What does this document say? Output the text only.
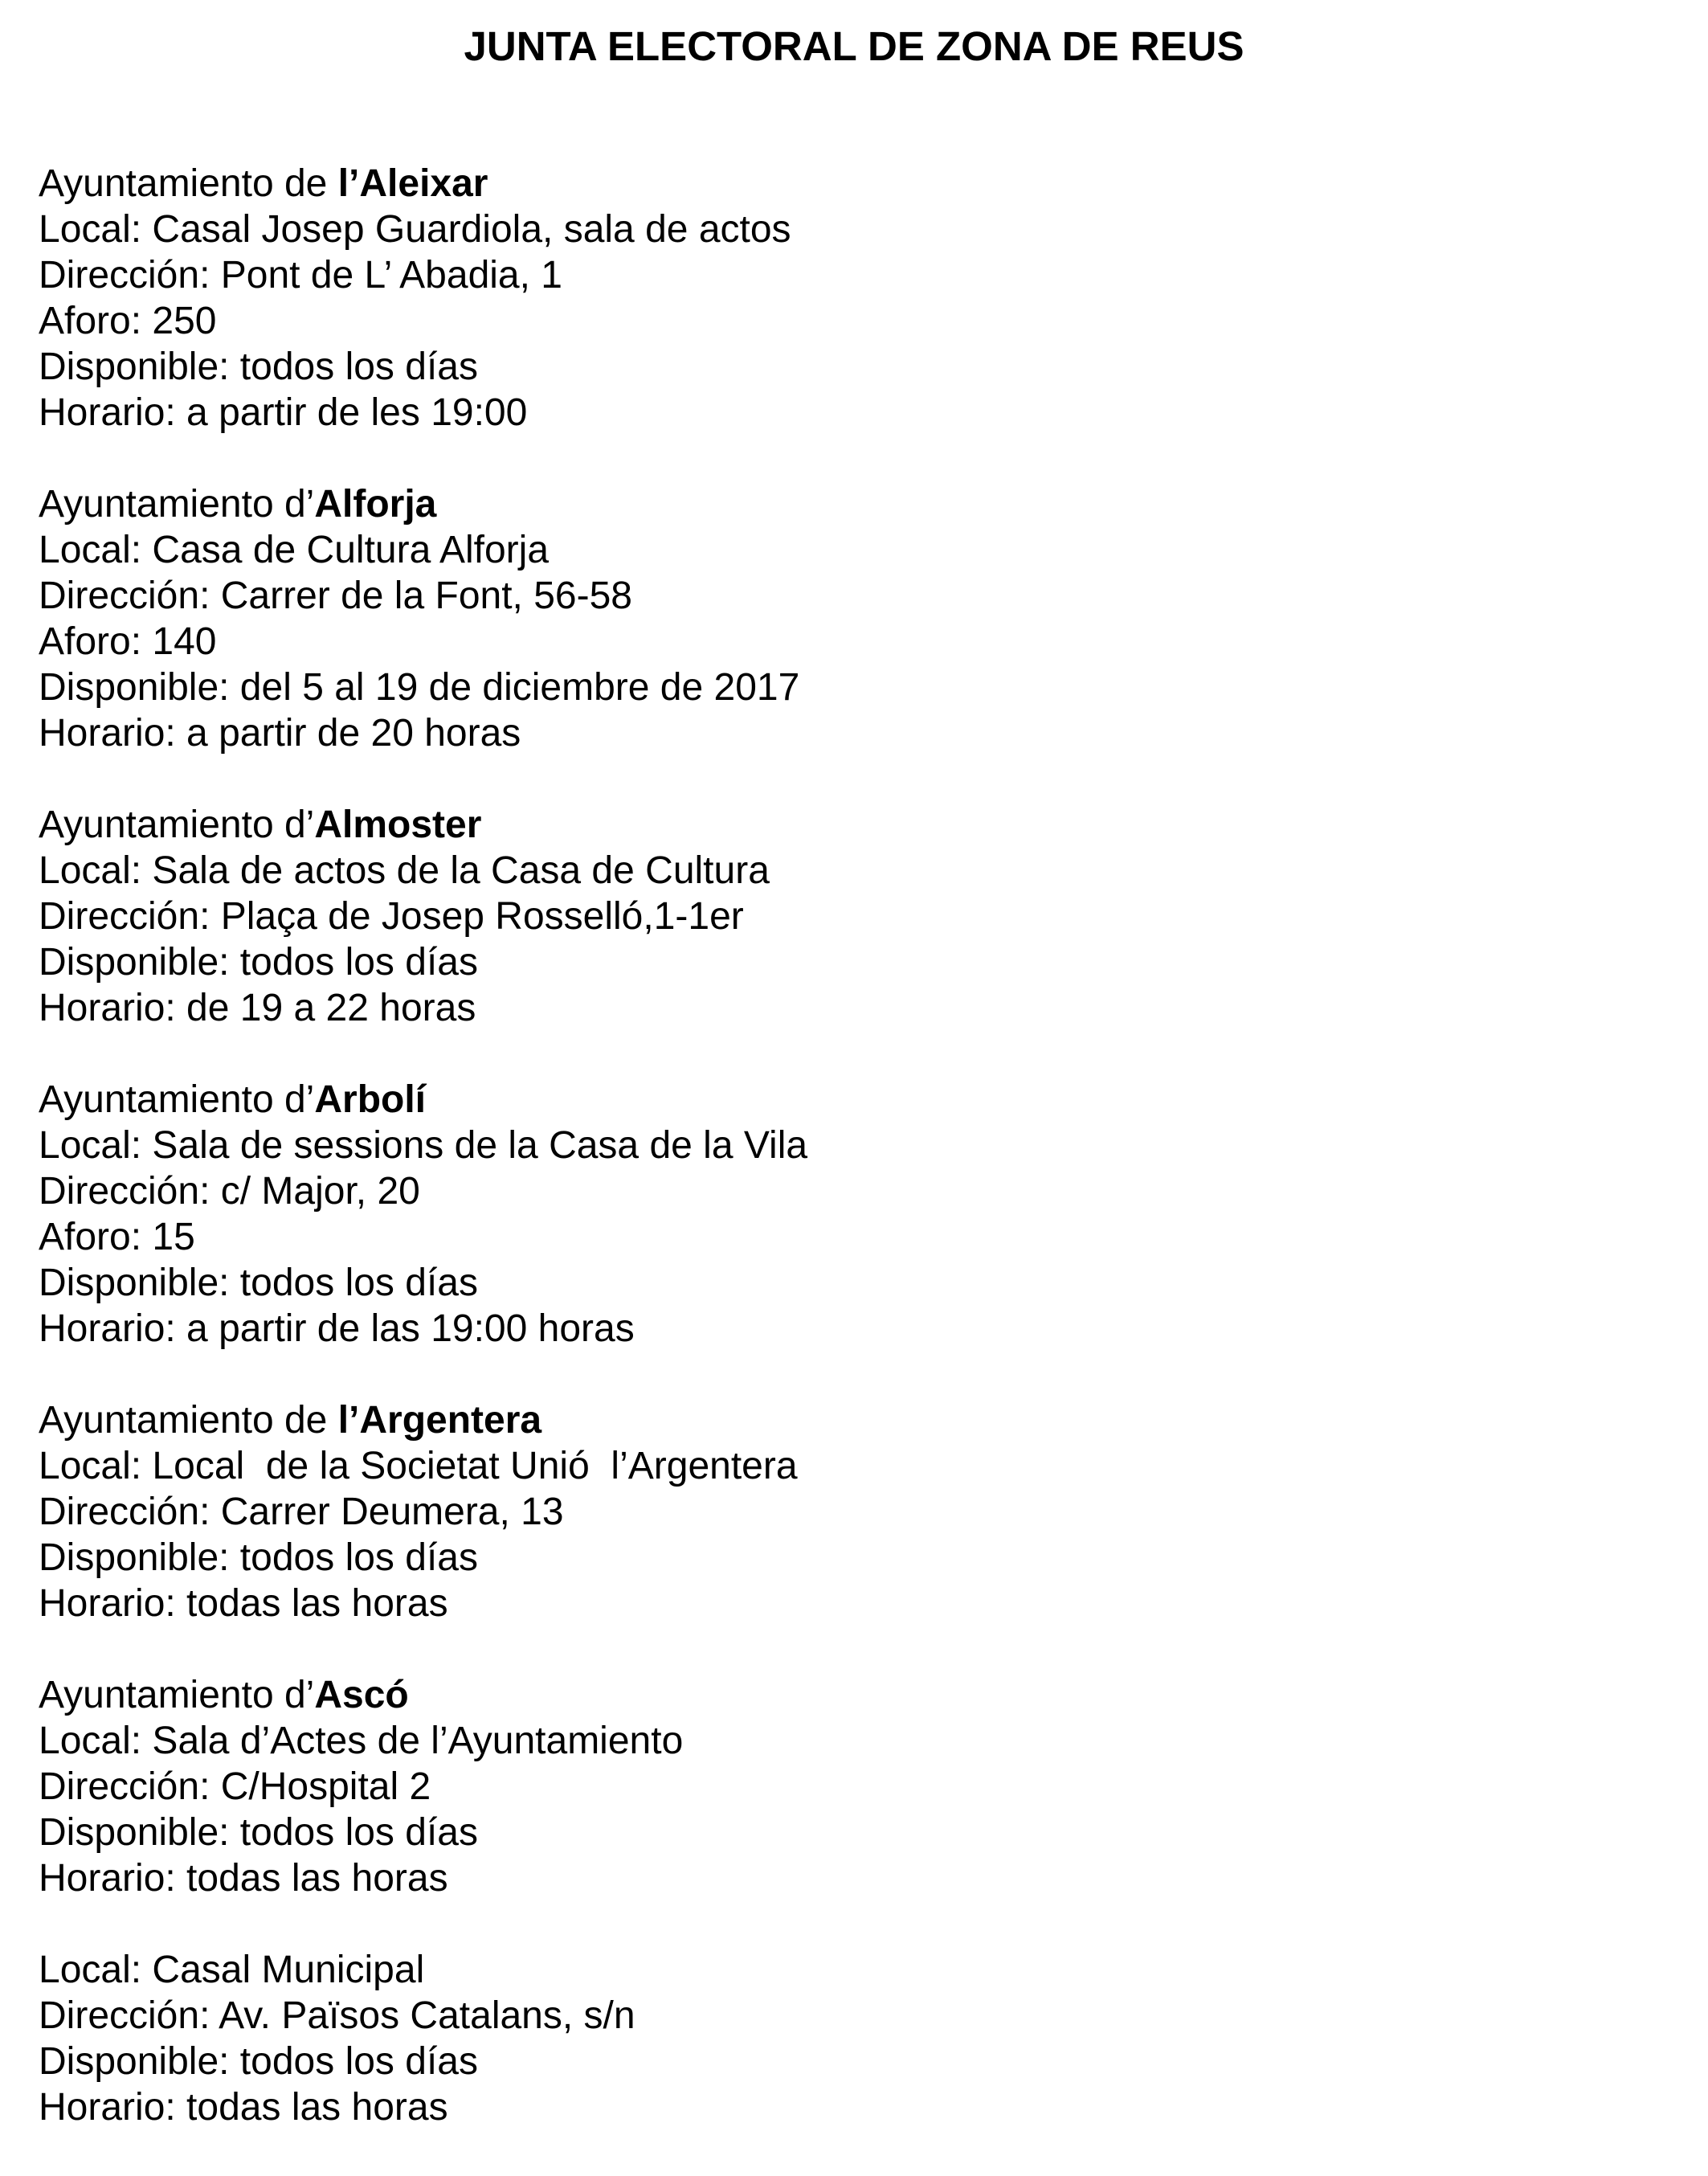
JUNTA ELECTORAL DE ZONA DE REUS
Ayuntamiento de l’Aleixar
Local: Casal Josep Guardiola, sala de actos
Dirección: Pont de L’ Abadia, 1
Aforo: 250
Disponible: todos los días
Horario: a partir de les 19:00
Ayuntamiento d’Alforja
Local: Casa de Cultura Alforja
Dirección: Carrer de la Font, 56-58
Aforo: 140
Disponible: del 5 al 19 de diciembre de 2017
Horario: a partir de 20 horas
Ayuntamiento d’Almoster
Local: Sala de actos de la Casa de Cultura
Dirección: Plaça de Josep Rosselló,1-1er
Disponible: todos los días
Horario: de 19 a 22 horas
Ayuntamiento d’Arbolí
Local: Sala de sessions de la Casa de la Vila
Dirección: c/ Major, 20
Aforo: 15
Disponible: todos los días
Horario: a partir de las 19:00 horas
Ayuntamiento de l’Argentera
Local: Local  de la Societat Unió  l’Argentera
Dirección: Carrer Deumera, 13
Disponible: todos los días
Horario: todas las horas
Ayuntamiento d’Ascó
Local: Sala d’Actes de l’Ayuntamiento
Dirección: C/Hospital 2
Disponible: todos los días
Horario: todas las horas
Local: Casal Municipal
Dirección: Av. Països Catalans, s/n
Disponible: todos los días
Horario: todas las horas
